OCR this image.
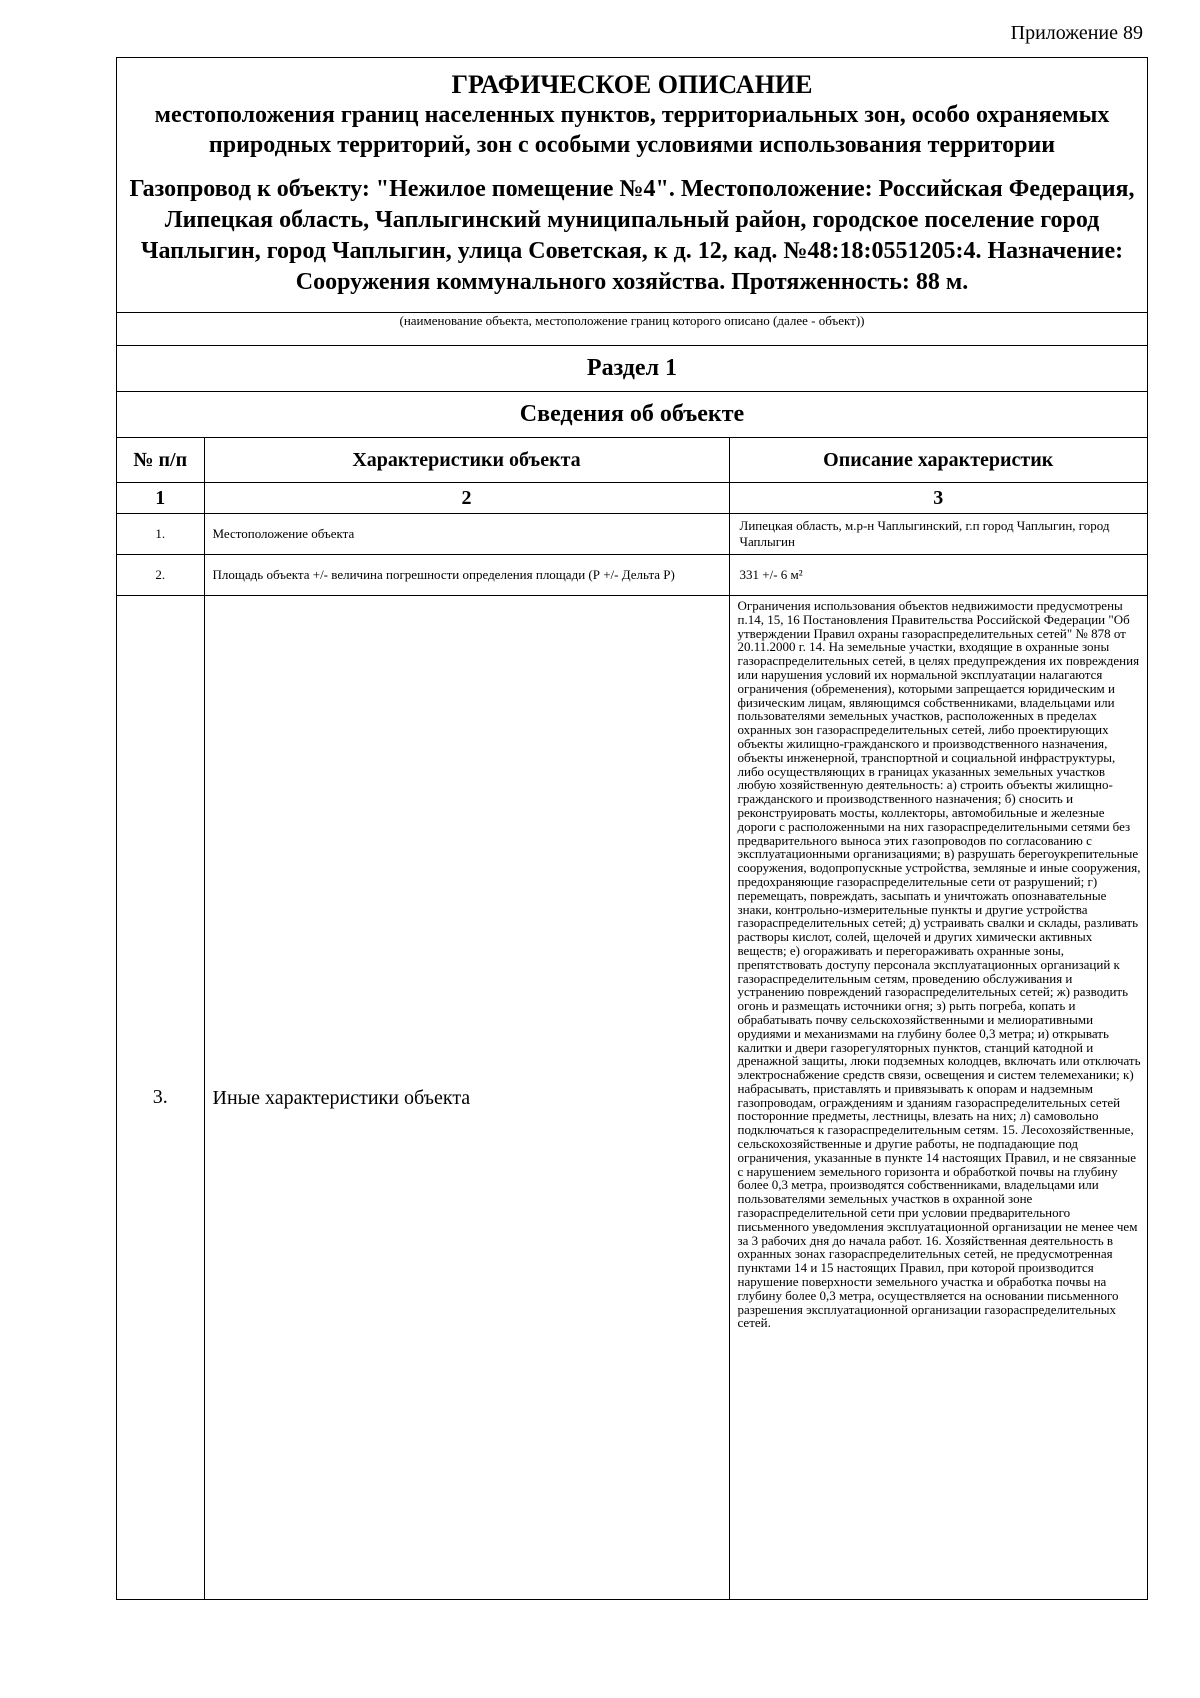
Приложение 89
ГРАФИЧЕСКОЕ ОПИСАНИЕ
местоположения границ населенных пунктов, территориальных зон, особо охраняемых природных территорий, зон с особыми условиями использования территории
Газопровод к объекту: "Нежилое помещение №4". Местоположение: Российская Федерация, Липецкая область, Чаплыгинский муниципальный район, городское поселение город Чаплыгин, город Чаплыгин, улица Советская, к д. 12, кад. №48:18:0551205:4. Назначение: Сооружения коммунального хозяйства. Протяженность: 88 м.
(наименование объекта, местоположение границ которого описано (далее - объект))
Раздел 1
Сведения об объекте
№ п/п	Характеристики объекта	Описание характеристик
1	2	3
1.	Местоположение объекта	Липецкая область, м.р-н Чаплыгинский, г.п город Чаплыгин, город Чаплыгин
2.	Площадь объекта +/- величина погрешности определения площади (Р +/- Дельта Р)	331 +/- 6 м²
3.	Иные характеристики объекта	Ограничения использования объектов недвижимости предусмотрены п.14, 15, 16 Постановления Правительства Российской Федерации "Об утверждении Правил охраны газораспределительных сетей" № 878 от 20.11.2000 г. 14. На земельные участки, входящие в охранные зоны газораспределительных сетей, в целях предупреждения их повреждения или нарушения условий их нормальной эксплуатации налагаются ограничения (обременения), которыми запрещается юридическим и физическим лицам, являющимся собственниками, владельцами или пользователями земельных участков, расположенных в пределах охранных зон газораспределительных сетей, либо проектирующих объекты жилищно-гражданского и производственного назначения, объекты инженерной, транспортной и социальной инфраструктуры, либо осуществляющих в границах указанных земельных участков любую хозяйственную деятельность: а) строить объекты жилищно-гражданского и производственного назначения; б) сносить и реконструировать мосты, коллекторы, автомобильные и железные дороги с расположенными на них газораспределительными сетями без предварительного выноса этих газопроводов по согласованию с эксплуатационными организациями; в) разрушать берегоукрепительные сооружения, водопропускные устройства, земляные и иные сооружения, предохраняющие газораспределительные сети от разрушений; г) перемещать, повреждать, засыпать и уничтожать опознавательные знаки, контрольно-измерительные пункты и другие устройства газораспределительных сетей; д) устраивать свалки и склады, разливать растворы кислот, солей, щелочей и других химически активных веществ; е) огораживать и перегораживать охранные зоны, препятствовать доступу персонала эксплуатационных организаций к газораспределительным сетям, проведению обслуживания и устранению повреждений газораспределительных сетей; ж) разводить огонь и размещать источники огня; з) рыть погреба, копать и обрабатывать почву сельскохозяйственными и мелиоративными орудиями и механизмами на глубину более 0,3 метра; и) открывать калитки и двери газорегуляторных пунктов, станций катодной и дренажной защиты, люки подземных колодцев, включать или отключать электроснабжение средств связи, освещения и систем телемеханики; к) набрасывать, приставлять и привязывать к опорам и надземным газопроводам, ограждениям и зданиям газораспределительных сетей посторонние предметы, лестницы, влезать на них; л) самовольно подключаться к газораспределительным сетям. 15. Лесохозяйственные, сельскохозяйственные и другие работы, не подпадающие под ограничения, указанные в пункте 14 настоящих Правил, и не связанные с нарушением земельного горизонта и обработкой почвы на глубину более 0,3 метра, производятся собственниками, владельцами или пользователями земельных участков в охранной зоне газораспределительной сети при условии предварительного письменного уведомления эксплуатационной организации не менее чем за 3 рабочих дня до начала работ. 16. Хозяйственная деятельность в охранных зонах газораспределительных сетей, не предусмотренная пунктами 14 и 15 настоящих Правил, при которой производится нарушение поверхности земельного участка и обработка почвы на глубину более 0,3 метра, осуществляется на основании письменного разрешения эксплуатационной организации газораспределительных сетей.
